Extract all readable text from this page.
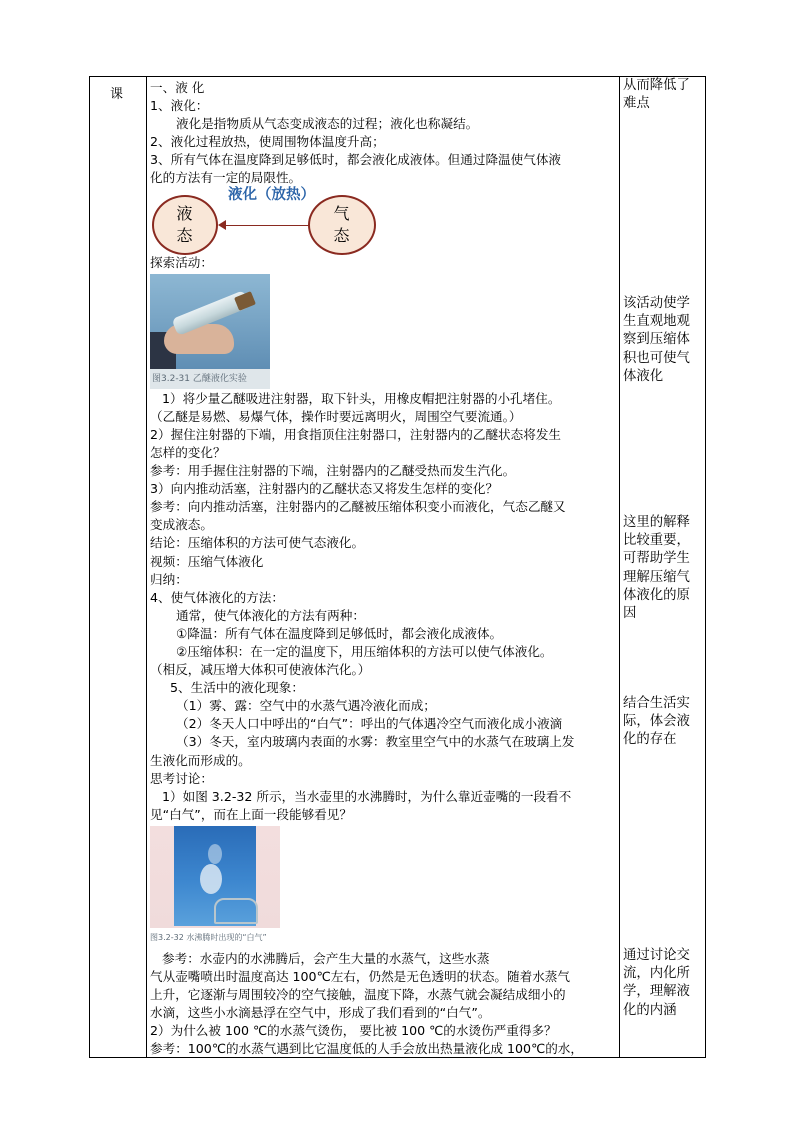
课 一、液 化
1、液化：
液化是指物质从气态变成液态的过程；液化也称凝结。
2、液化过程放热，使周围物体温度升高；
3、所有气体在温度降到足够低时，都会液化成液体。但通过降温使气体液
化的方法有一定的局限性。
液
态
液化（放热）
气
态
探索活动：
图3.2-31 乙醚液化实验
1）将少量乙醚吸进注射器，取下针头，用橡皮帽把注射器的小孔堵住。
（乙醚是易燃、易爆气体，操作时要远离明火，周围空气要流通。）
2）握住注射器的下端，用食指顶住注射器口，注射器内的乙醚状态将发生
怎样的变化？
参考：用手握住注射器的下端，注射器内的乙醚受热而发生汽化。
3）向内推动活塞，注射器内的乙醚状态又将发生怎样的变化？
参考：向内推动活塞，注射器内的乙醚被压缩体积变小而液化，气态乙醚又
变成液态。
结论：压缩体积的方法可使气态液化。
视频：压缩气体液化
归纳：
4、使气体液化的方法：
通常，使气体液化的方法有两种：
①降温：所有气体在温度降到足够低时，都会液化成液体。
②压缩体积：在一定的温度下，用压缩体积的方法可以使气体液化。
（相反，减压增大体积可使液体汽化。）
5、生活中的液化现象：
（1）雾、露：空气中的水蒸气遇冷液化而成；
（2）冬天人口中呼出的“白气”：呼出的气体遇冷空气而液化成小液滴
（3）冬天，室内玻璃内表面的水雾：教室里空气中的水蒸气在玻璃上发
生液化而形成的。
思考讨论：
1）如图 3.2-32 所示，当水壶里的水沸腾时，为什么靠近壶嘴的一段看不
见“白气”，而在上面一段能够看见？
图3.2-32 水沸腾时出现的“白气”
参考：水壶内的水沸腾后，会产生大量的水蒸气，这些水蒸
气从壶嘴喷出时温度高达 100℃左右，仍然是无色透明的状态。随着水蒸气
上升，它逐渐与周围较冷的空气接触，温度下降，水蒸气就会凝结成细小的
水滴，这些小水滴悬浮在空气中，形成了我们看到的“白气”。
2）为什么被 100 ℃的水蒸气烫伤， 要比被 100 ℃的水烫伤严重得多？
参考：100℃的水蒸气遇到比它温度低的人手会放出热量液化成 100℃的水，
从而降低了
难点
该活动使学
生直观地观
察到压缩体
积也可使气
体液化
这里的解释
比较重要，
可帮助学生
理解压缩气
体液化的原
因
结合生活实
际，体会液
化的存在
通过讨论交
流，内化所
学，理解液
化的内涵
